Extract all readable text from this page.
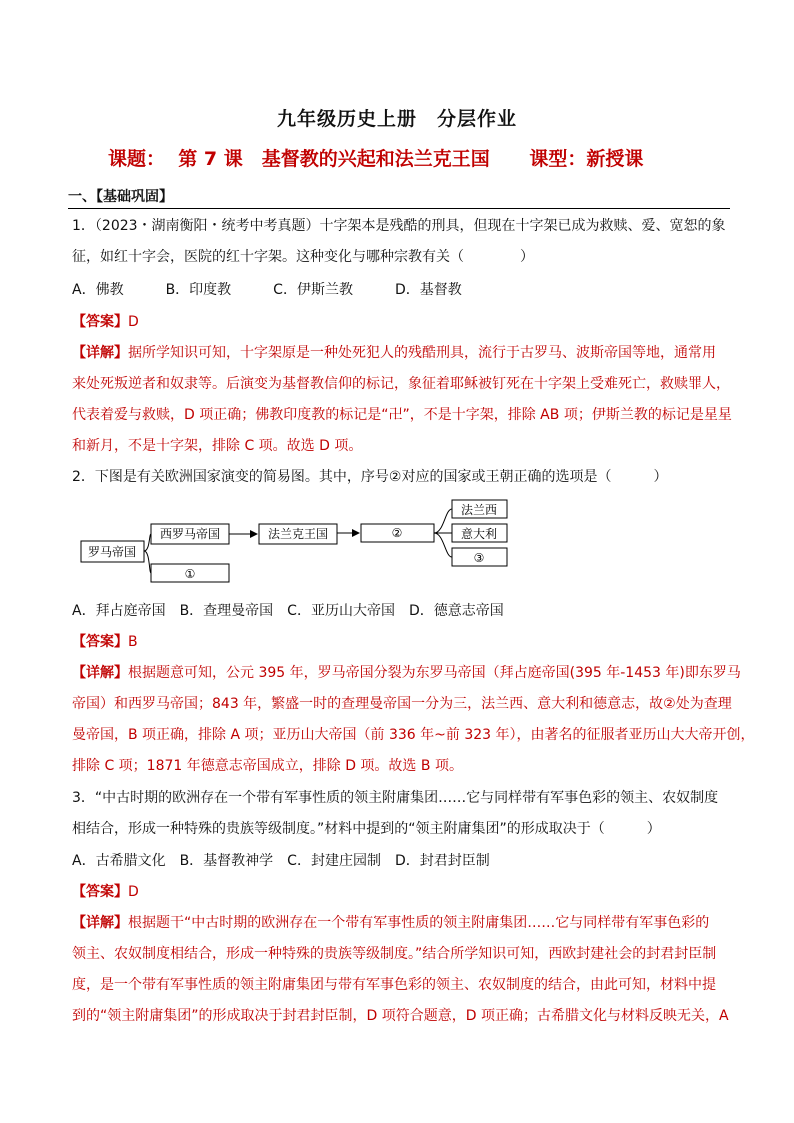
九年级历史上册　分层作业
课题： 第 7 课　基督教的兴起和法兰克王国 课型：新授课
一、【基础巩固】
1．（2023・湖南衡阳・统考中考真题）十字架本是残酷的刑具，但现在十字架已成为救赎、爱、宽恕的象
征，如红十字会，医院的红十字架。这种变化与哪种宗教有关（　　　　）
A．佛教　　　B．印度教　　　C．伊斯兰教　　　D．基督教
【答案】D
【详解】据所学知识可知，十字架原是一种处死犯人的残酷刑具，流行于古罗马、波斯帝国等地，通常用
来处死叛逆者和奴隶等。后演变为基督教信仰的标记，象征着耶稣被钉死在十字架上受难死亡，救赎罪人，
代表着爱与救赎，D 项正确；佛教印度教的标记是“卍”，不是十字架，排除 AB 项；伊斯兰教的标记是星星
和新月，不是十字架，排除 C 项。故选 D 项。
2．下图是有关欧洲国家演变的简易图。其中，序号②对应的国家或王朝正确的选项是（　　　）
罗马帝国
西罗马帝国
①
法兰克王国	②
法兰西
意大利
③
A．拜占庭帝国　B．查理曼帝国　C．亚历山大帝国　D．德意志帝国
【答案】B
【详解】根据题意可知，公元 395 年，罗马帝国分裂为东罗马帝国（拜占庭帝国(395 年-1453 年)即东罗马
帝国）和西罗马帝国；843 年，繁盛一时的查理曼帝国一分为三，法兰西、意大利和德意志，故②处为查理
曼帝国，B 项正确，排除 A 项；亚历山大帝国（前 336 年~前 323 年），由著名的征服者亚历山大大帝开创，
排除 C 项；1871 年德意志帝国成立，排除 D 项。故选 B 项。
3．“中古时期的欧洲存在一个带有军事性质的领主附庸集团……它与同样带有军事色彩的领主、农奴制度
相结合，形成一种特殊的贵族等级制度。”材料中提到的“领主附庸集团”的形成取决于（　　　）
A．古希腊文化　B．基督教神学　C．封建庄园制　D．封君封臣制
【答案】D
【详解】根据题干“中古时期的欧洲存在一个带有军事性质的领主附庸集团……它与同样带有军事色彩的
领主、农奴制度相结合，形成一种特殊的贵族等级制度。”结合所学知识可知，西欧封建社会的封君封臣制
度，是一个带有军事性质的领主附庸集团与带有军事色彩的领主、农奴制度的结合，由此可知，材料中提
到的“领主附庸集团”的形成取决于封君封臣制，D 项符合题意，D 项正确；古希腊文化与材料反映无关，A
